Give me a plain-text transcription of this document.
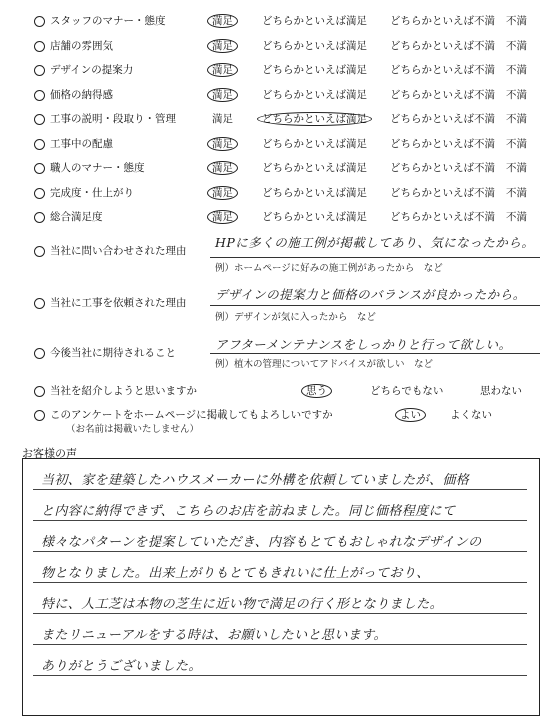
スタッフのマナー・態度	満足	どちらかといえば満足 どちらかといえば不満 不満
店舗の雰囲気	満足	どちらかといえば満足 どちらかといえば不満 不満
デザインの提案力	満足	どちらかといえば満足 どちらかといえば不満 不満
価格の納得感	満足	どちらかといえば満足 どちらかといえば不満 不満
工事の説明・段取り・管理	満足	どちらかといえば満足	どちらかといえば不満 不満
工事中の配慮	満足	どちらかといえば満足 どちらかといえば不満 不満
職人のマナー・態度	満足	どちらかといえば満足 どちらかといえば不満 不満
完成度・仕上がり	満足	どちらかといえば満足 どちらかといえば不満 不満
総合満足度	満足	どちらかといえば満足 どちらかといえば不満 不満
当社に問い合わせされた理由
HPに多くの施工例が掲載してあり、気になったから。
例）ホームページに好みの施工例があったから　など
当社に工事を依頼された理由
デザインの提案力と価格のバランスが良かったから。
例）デザインが気に入ったから　など
今後当社に期待されること
アフターメンテナンスをしっかりと行って欲しい。
例）植木の管理についてアドバイスが欲しい　など
当社を紹介しようと思いますか	思う	どちらでもない	思わない
このアンケートをホームページに掲載してもよろしいですか	よい	よくない
（お名前は掲載いたしません）
お客様の声
当初、家を建築したハウスメーカーに外構を依頼していましたが、価格
と内容に納得できず、こちらのお店を訪ねました。同じ価格程度にて
様々なパターンを提案していただき、内容もとてもおしゃれなデザインの
物となりました。出来上がりもとてもきれいに仕上がっており、
特に、人工芝は本物の芝生に近い物で満足の行く形となりました。
またリニューアルをする時は、お願いしたいと思います。
ありがとうございました。
